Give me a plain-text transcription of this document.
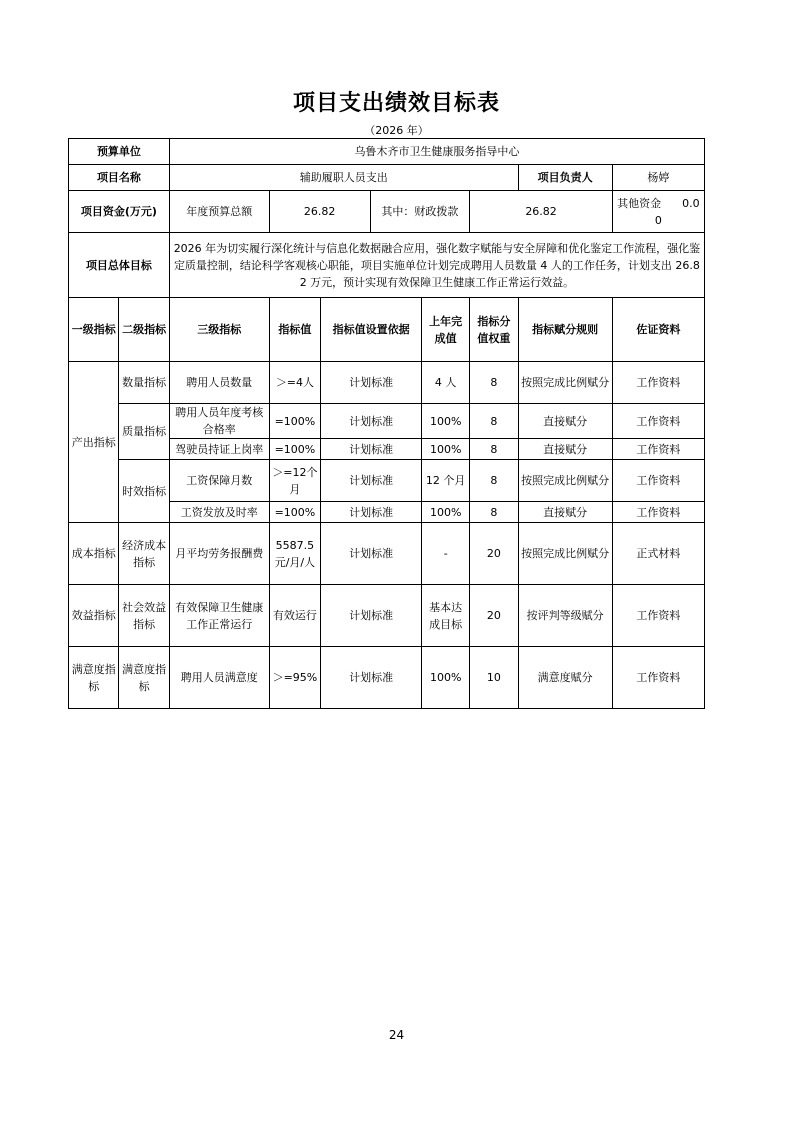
项目支出绩效目标表
（2026 年）
预算单位		乌鲁木齐市卫生健康服务指导中心							
项目名称		辅助履职人员支出						项目负责人	杨婷
项目资金(万元)		年度预算总额	26.82		其中：财政拨款		26.82		其他资金 0.00
项目总体目标		2026 年为切实履行深化统计与信息化数据融合应用，强化数字赋能与安全屏障和优化鉴定工作流程，强化鉴定质量控制，结论科学客观核心职能，项目实施单位计划完成聘用人员数量 4 人的工作任务，计划支出 26.82 万元，预计实现有效保障卫生健康工作正常运行效益。							
一级指标	二级指标	三级指标	指标值	指标值设置依据		上年完成值	指标分值权重	指标赋分规则	佐证资料
产出指标	数量指标	聘用人员数量	＞=4人	计划标准		4 人	8	按照完成比例赋分	工作资料
	质量指标	聘用人员年度考核合格率	=100%	计划标准		100%	8	直接赋分	工作资料
		驾驶员持证上岗率	=100%	计划标准		100%	8	直接赋分	工作资料
	时效指标	工资保障月数	＞=12个月	计划标准		12 个月	8	按照完成比例赋分	工作资料
		工资发放及时率	=100%	计划标准		100%	8	直接赋分	工作资料
成本指标	经济成本指标	月平均劳务报酬费	5587.5元/月/人	计划标准		-	20	按照完成比例赋分	正式材料
效益指标	社会效益指标	有效保障卫生健康工作正常运行	有效运行	计划标准		基本达成目标	20	按评判等级赋分	工作资料
满意度指标	满意度指标	聘用人员满意度	＞=95%	计划标准		100%	10	满意度赋分	工作资料
24
